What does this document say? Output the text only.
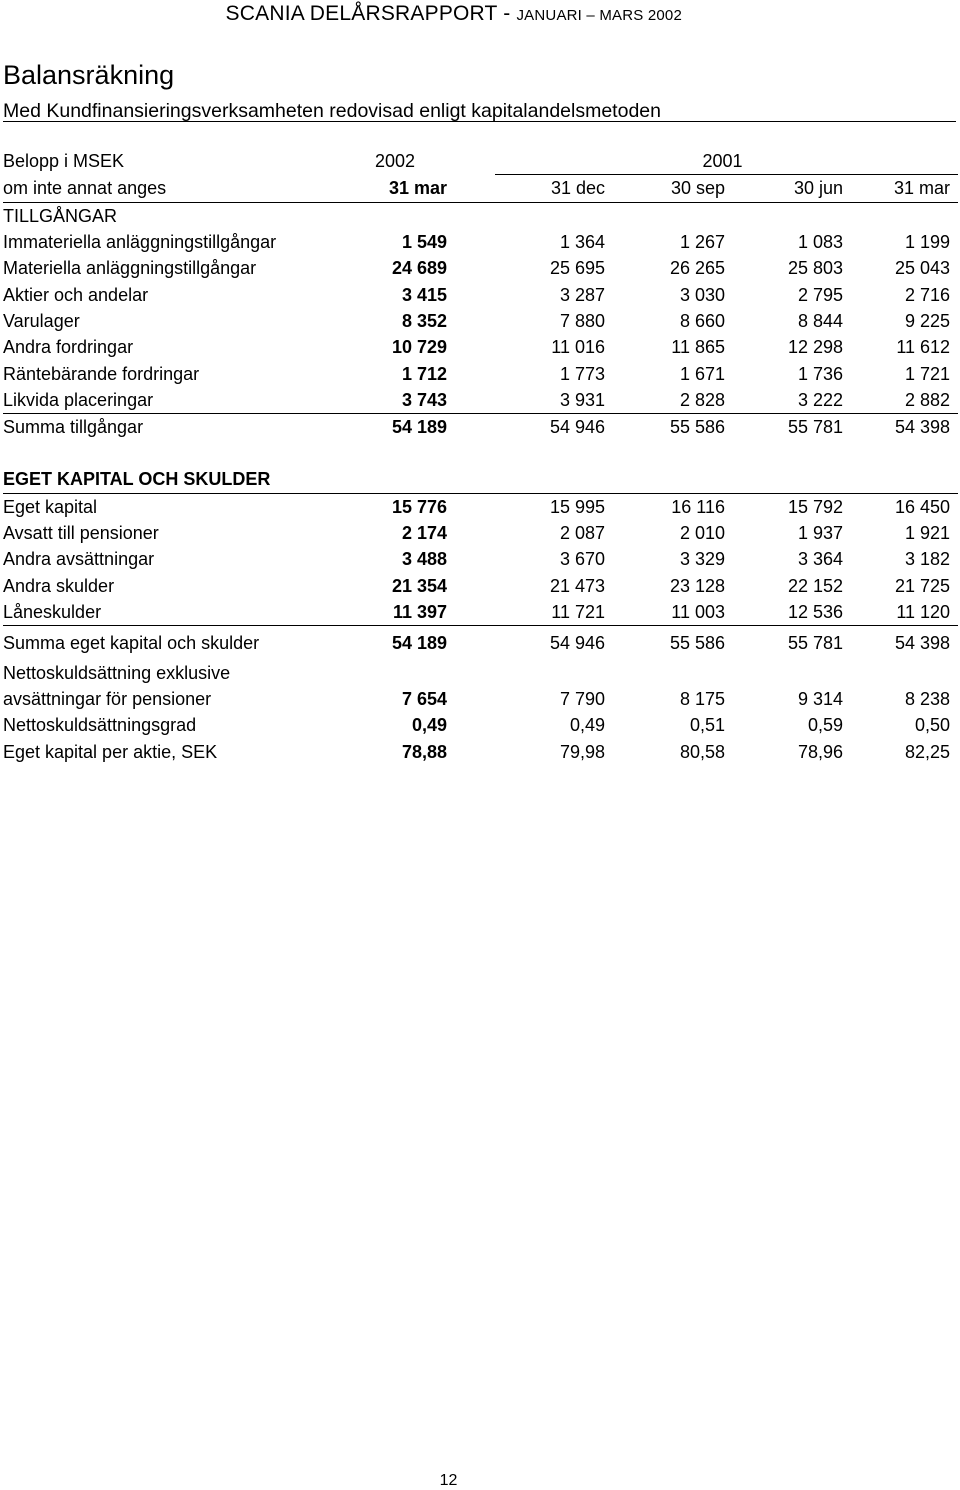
SCANIA DELÅRSRAPPORT - JANUARI – MARS 2002
Balansräkning
Med Kundfinansieringsverksamheten redovisad enligt kapitalandelsmetoden
Belopp i MSEK	2002		2001			
om inte annat anges	31 mar		31 dec	30 sep	30 jun	31 mar
TILLGÅNGAR						
Immateriella anläggningstillgångar	1 549		1 364	1 267	1 083	1 199
Materiella anläggningstillgångar	24 689		25 695	26 265	25 803	25 043
Aktier och andelar	3 415		3 287	3 030	2 795	2 716
Varulager	8 352		7 880	8 660	8 844	9 225
Andra fordringar	10 729		11 016	11 865	12 298	11 612
Räntebärande fordringar	1 712		1 773	1 671	1 736	1 721
Likvida placeringar	3 743		3 931	2 828	3 222	2 882
Summa tillgångar	54 189		54 946	55 586	55 781	54 398

EGET KAPITAL OCH SKULDER						
Eget kapital	15 776		15 995	16 116	15 792	16 450
Avsatt till pensioner	2 174		2 087	2 010	1 937	1 921
Andra avsättningar	3 488		3 670	3 329	3 364	3 182
Andra skulder	21 354		21 473	23 128	22 152	21 725
Låneskulder	11 397		11 721	11 003	12 536	11 120
Summa eget kapital och skulder	54 189		54 946	55 586	55 781	54 398
Nettoskuldsättning exklusive						
avsättningar för pensioner	7 654		7 790	8 175	9 314	8 238
Nettoskuldsättningsgrad	0,49		0,49	0,51	0,59	0,50
Eget kapital per aktie, SEK	78,88		79,98	80,58	78,96	82,25
12
